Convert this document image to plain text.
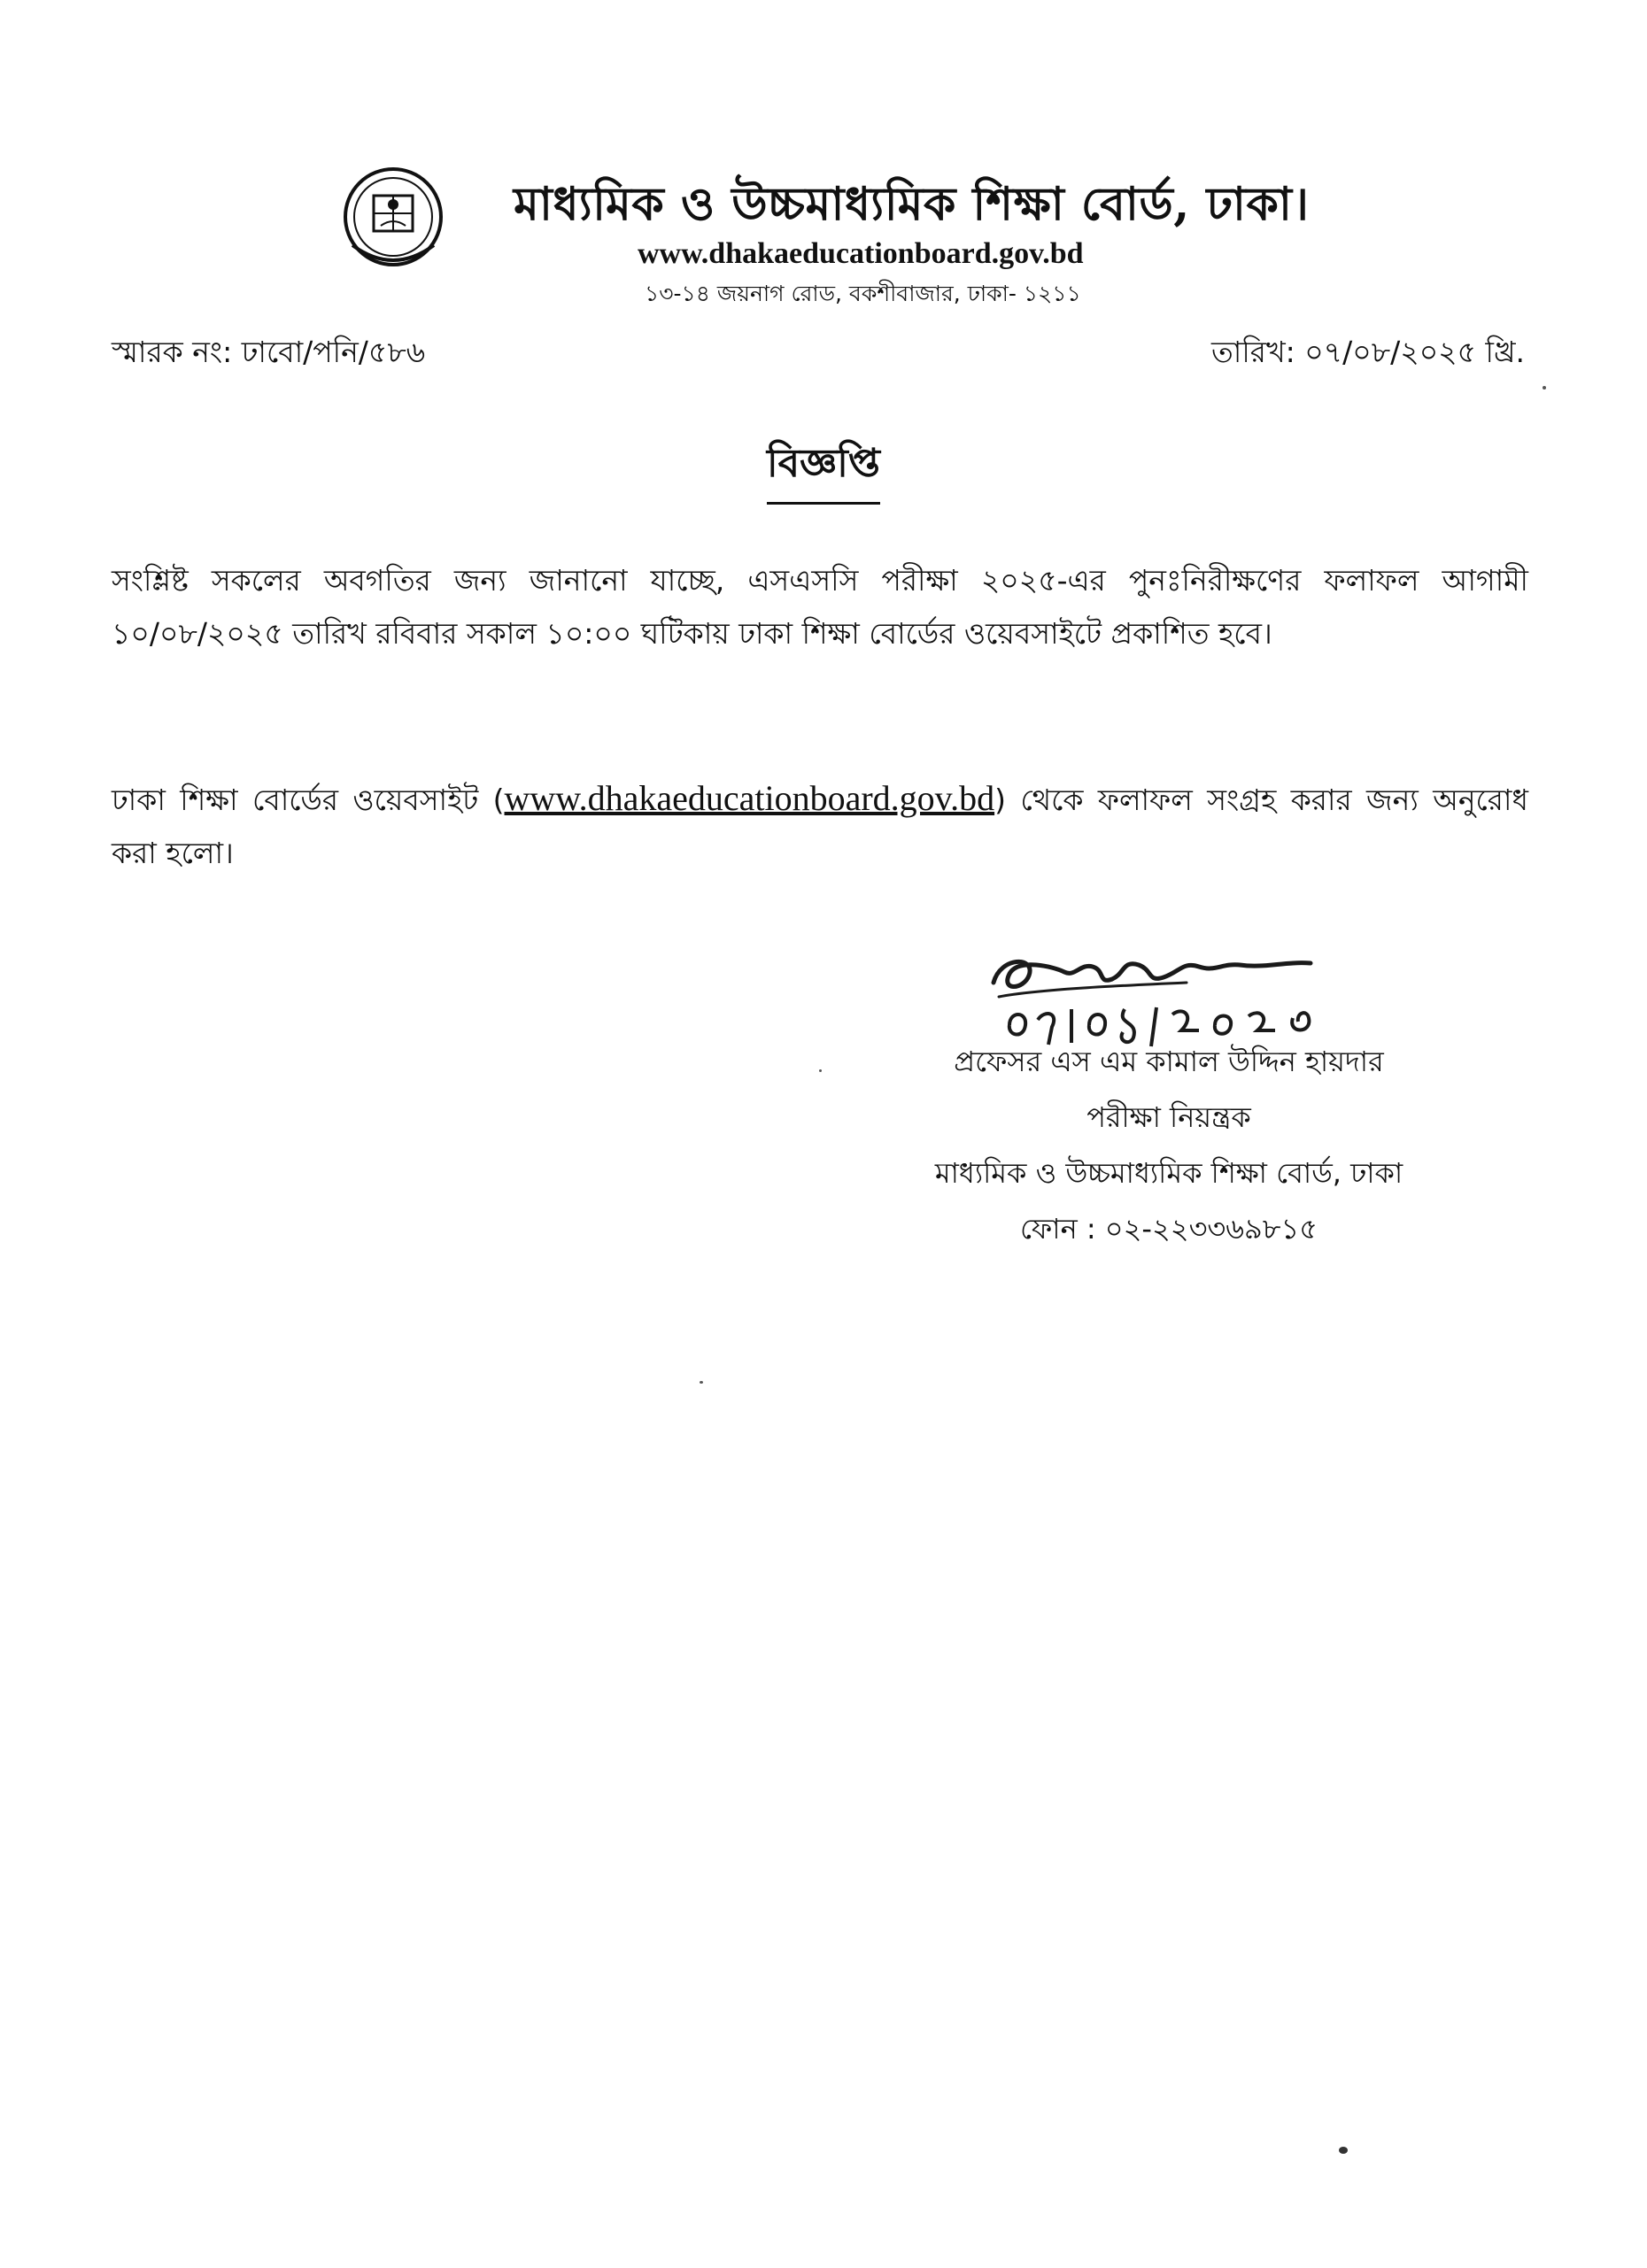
মাধ্যমিক ও উচ্চমাধ্যমিক শিক্ষা বোর্ড, ঢাকা।
www.dhakaeducationboard.gov.bd
১৩-১৪ জয়নাগ রোড, বকশীবাজার, ঢাকা- ১২১১
স্মারক নং: ঢাবো/পনি/৫৮৬	তারিখ: ০৭/০৮/২০২৫ খ্রি.
বিজ্ঞপ্তি
সংশ্লিষ্ট সকলের অবগতির জন্য জানানো যাচ্ছে, এসএসসি পরীক্ষা ২০২৫-এর পুনঃনিরীক্ষণের ফলাফল আগামী ১০/০৮/২০২৫ তারিখ রবিবার সকাল ১০:০০ ঘটিকায় ঢাকা শিক্ষা বোর্ডের ওয়েবসাইটে প্রকাশিত হবে।
ঢাকা শিক্ষা বোর্ডের ওয়েবসাইট (www.dhakaeducationboard.gov.bd) থেকে ফলাফল সংগ্রহ করার জন্য অনুরোধ করা হলো।
প্রফেসর এস এম কামাল উদ্দিন হায়দার
পরীক্ষা নিয়ন্ত্রক
মাধ্যমিক ও উচ্চমাধ্যমিক শিক্ষা বোর্ড, ঢাকা
ফোন : ০২-২২৩৩৬৯৮১৫
